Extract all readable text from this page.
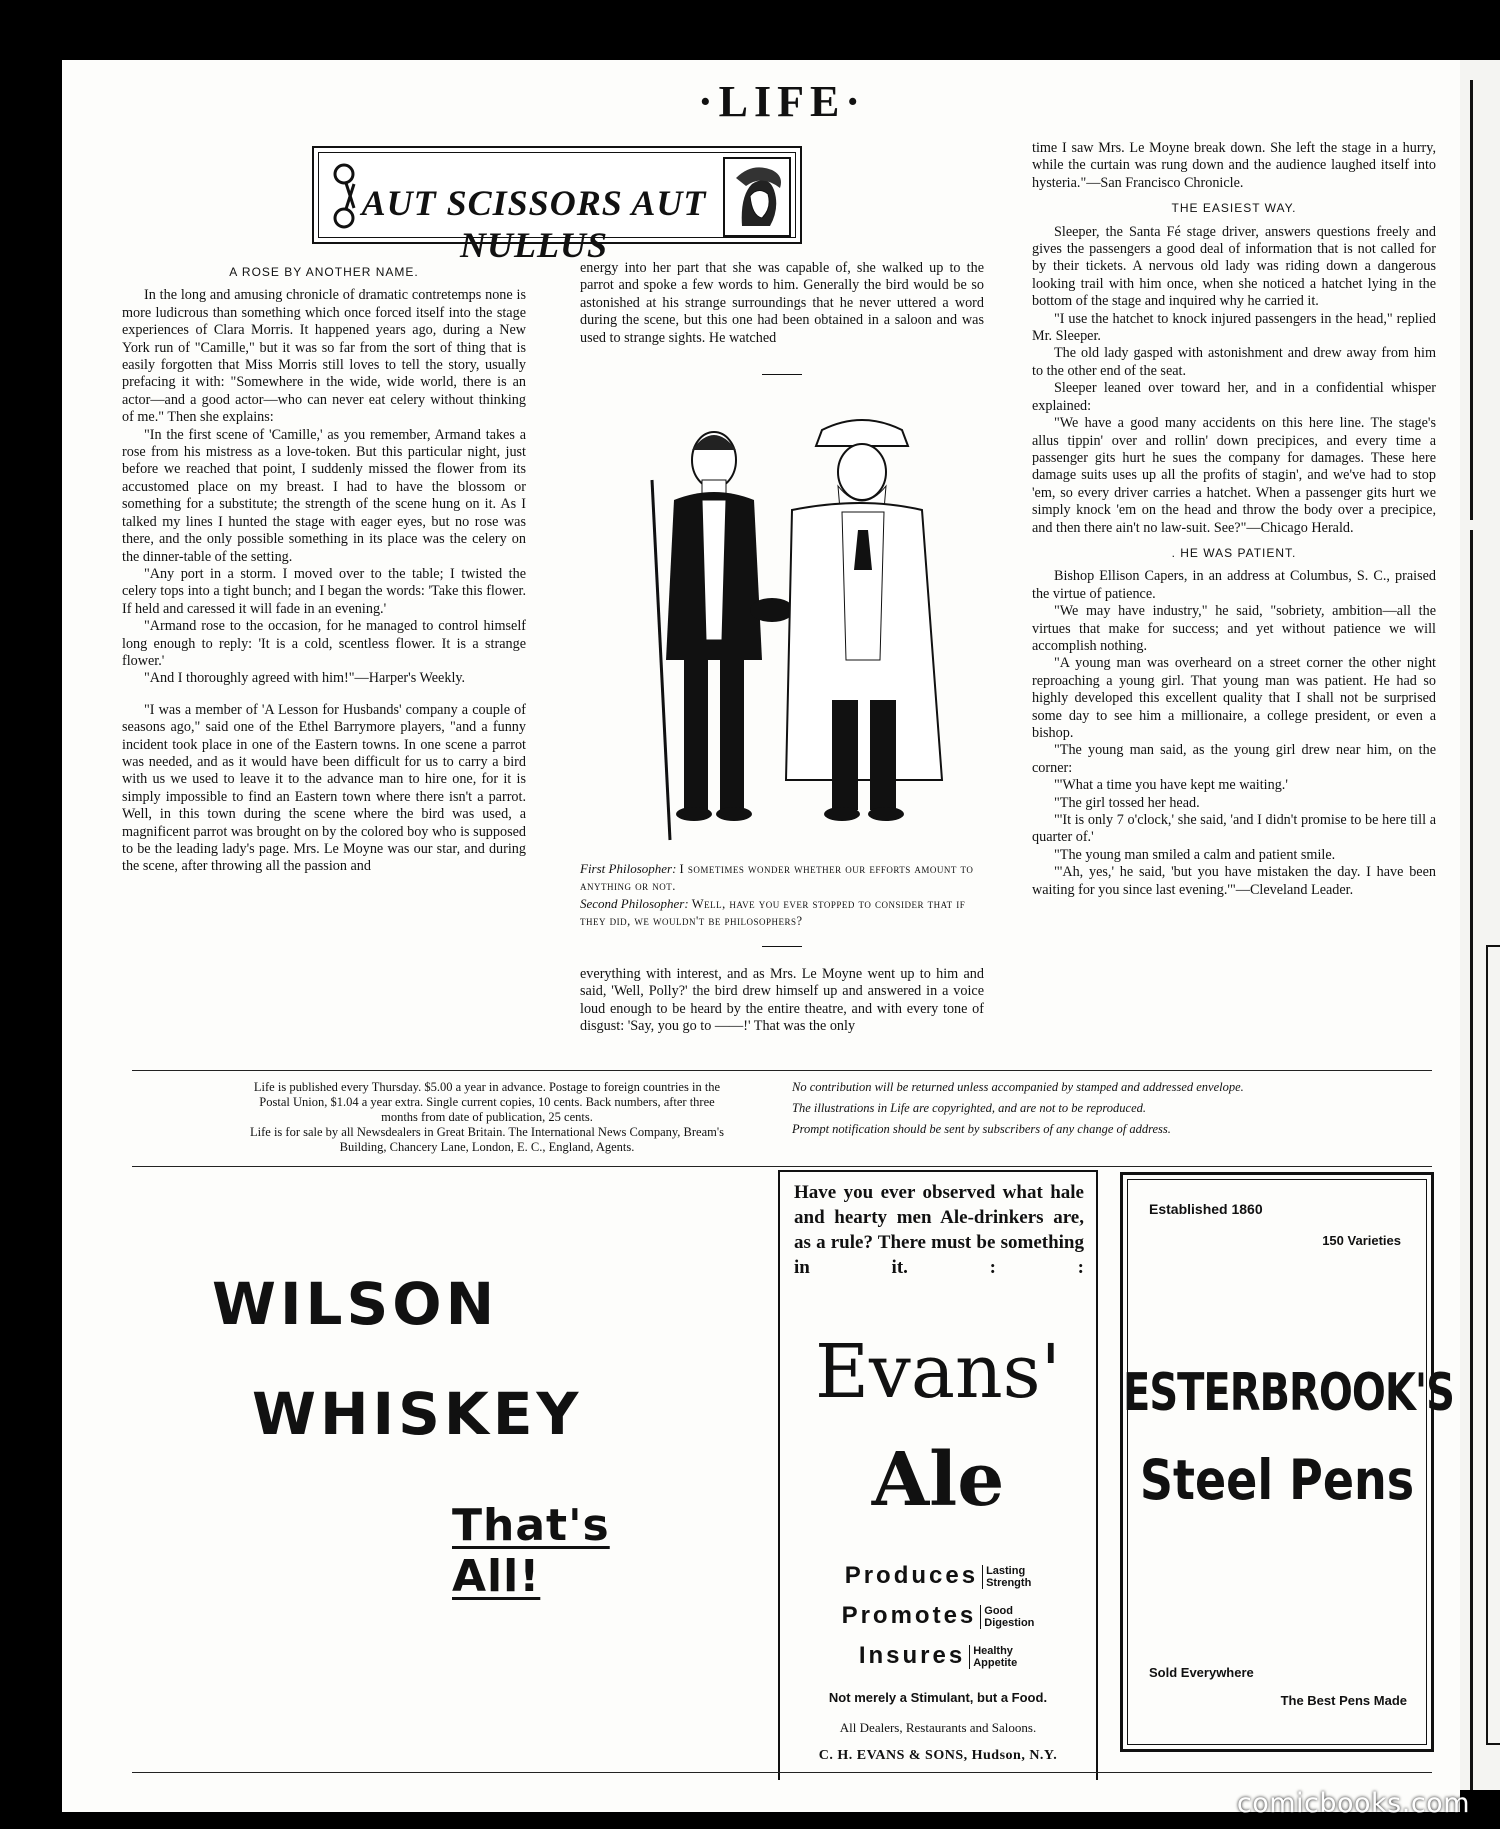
·LIFE·
AUT SCISSORS AUT NULLUS
A ROSE BY ANOTHER NAME.

In the long and amusing chronicle of dramatic contretemps none is more ludicrous than something which once forced itself into the stage experiences of Clara Morris. It happened years ago, during a New York run of "Camille," but it was so far from the sort of thing that is easily forgotten that Miss Morris still loves to tell the story, usually prefacing it with: "Somewhere in the wide, wide world, there is an actor—and a good actor—who can never eat celery without thinking of me." Then she explains:

"In the first scene of 'Camille,' as you remember, Armand takes a rose from his mistress as a love-token. But this particular night, just before we reached that point, I suddenly missed the flower from its accustomed place on my breast. I had to have the blossom or something for a substitute; the strength of the scene hung on it. As I talked my lines I hunted the stage with eager eyes, but no rose was there, and the only possible something in its place was the celery on the dinner-table of the setting.

"Any port in a storm. I moved over to the table; I twisted the celery tops into a tight bunch; and I began the words: 'Take this flower. If held and caressed it will fade in an evening.'

"Armand rose to the occasion, for he managed to control himself long enough to reply: 'It is a cold, scentless flower. It is a strange flower.'

"And I thoroughly agreed with him!"—Harper's Weekly.

"I was a member of 'A Lesson for Husbands' company a couple of seasons ago," said one of the Ethel Barrymore players, "and a funny incident took place in one of the Eastern towns. In one scene a parrot was needed, and as it would have been difficult for us to carry a bird with us we used to leave it to the advance man to hire one, for it is simply impossible to find an Eastern town where there isn't a parrot. Well, in this town during the scene where the bird was used, a magnificent parrot was brought on by the colored boy who is supposed to be the leading lady's page. Mrs. Le Moyne was our star, and during the scene, after throwing all the passion and

energy into her part that she was capable of, she walked up to the parrot and spoke a few words to him. Generally the bird would be so astonished at his strange surroundings that he never uttered a word during the scene, but this one had been obtained in a saloon and was used to strange sights. He watched

First Philosopher: I sometimes wonder whether our efforts amount to anything or not.
Second Philosopher: Well, have you ever stopped to consider that if they did, we wouldn't be philosophers?

everything with interest, and as Mrs. Le Moyne went up to him and said, 'Well, Polly?' the bird drew himself up and answered in a voice loud enough to be heard by the entire theatre, and with every tone of disgust: 'Say, you go to ——!' That was the only

time I saw Mrs. Le Moyne break down. She left the stage in a hurry, while the curtain was rung down and the audience laughed itself into hysteria."—San Francisco Chronicle.

THE EASIEST WAY.

Sleeper, the Santa Fé stage driver, answers questions freely and gives the passengers a good deal of information that is not called for by their tickets. A nervous old lady was riding down a dangerous looking trail with him once, when she noticed a hatchet lying in the bottom of the stage and inquired why he carried it.

"I use the hatchet to knock injured passengers in the head," replied Mr. Sleeper.

The old lady gasped with astonishment and drew away from him to the other end of the seat.

Sleeper leaned over toward her, and in a confidential whisper explained:

"We have a good many accidents on this here line. The stage's allus tippin' over and rollin' down precipices, and every time a passenger gits hurt he sues the company for damages. These here damage suits uses up all the profits of stagin', and we've had to stop 'em, so every driver carries a hatchet. When a passenger gits hurt we simply knock 'em on the head and throw the body over a precipice, and then there ain't no law-suit. See?"—Chicago Herald.

. HE WAS PATIENT.

Bishop Ellison Capers, in an address at Columbus, S. C., praised the virtue of patience.

"We may have industry," he said, "sobriety, ambition—all the virtues that make for success; and yet without patience we will accomplish nothing.

"A young man was overheard on a street corner the other night reproaching a young girl. That young man was patient. He had so highly developed this excellent quality that I shall not be surprised some day to see him a millionaire, a college president, or even a bishop.

"The young man said, as the young girl drew near him, on the corner:

"'What a time you have kept me waiting.'

"The girl tossed her head.

"'It is only 7 o'clock,' she said, 'and I didn't promise to be here till a quarter of.'

"The young man smiled a calm and patient smile.

"'Ah, yes,' he said, 'but you have mistaken the day. I have been waiting for you since last evening.'"—Cleveland Leader.

Life is published every Thursday. $5.00 a year in advance. Postage to foreign countries in the Postal Union, $1.04 a year extra. Single current copies, 10 cents. Back numbers, after three months from date of publication, 25 cents.
Life is for sale by all Newsdealers in Great Britain. The International News Company, Bream's Building, Chancery Lane, London, E. C., England, Agents.

No contribution will be returned unless accompanied by stamped and addressed envelope.

The illustrations in Life are copyrighted, and are not to be reproduced.

Prompt notification should be sent by subscribers of any change of address.

WILSON
WHISKEY
That's All!
Have you ever observed what hale and hearty men Ale-drinkers are, as a rule? There must be something in it. : :
Evans'
Ale
Produces Lasting
Strength
Promotes Good
Digestion
Insures Healthy
Appetite
Not merely a Stimulant, but a Food.
All Dealers, Restaurants and Saloons.
C. H. EVANS & SONS, Hudson, N.Y.
Established 1860
150 Varieties
ESTERBROOK'S
Steel Pens
Sold Everywhere
The Best Pens Made
comicbooks.com
